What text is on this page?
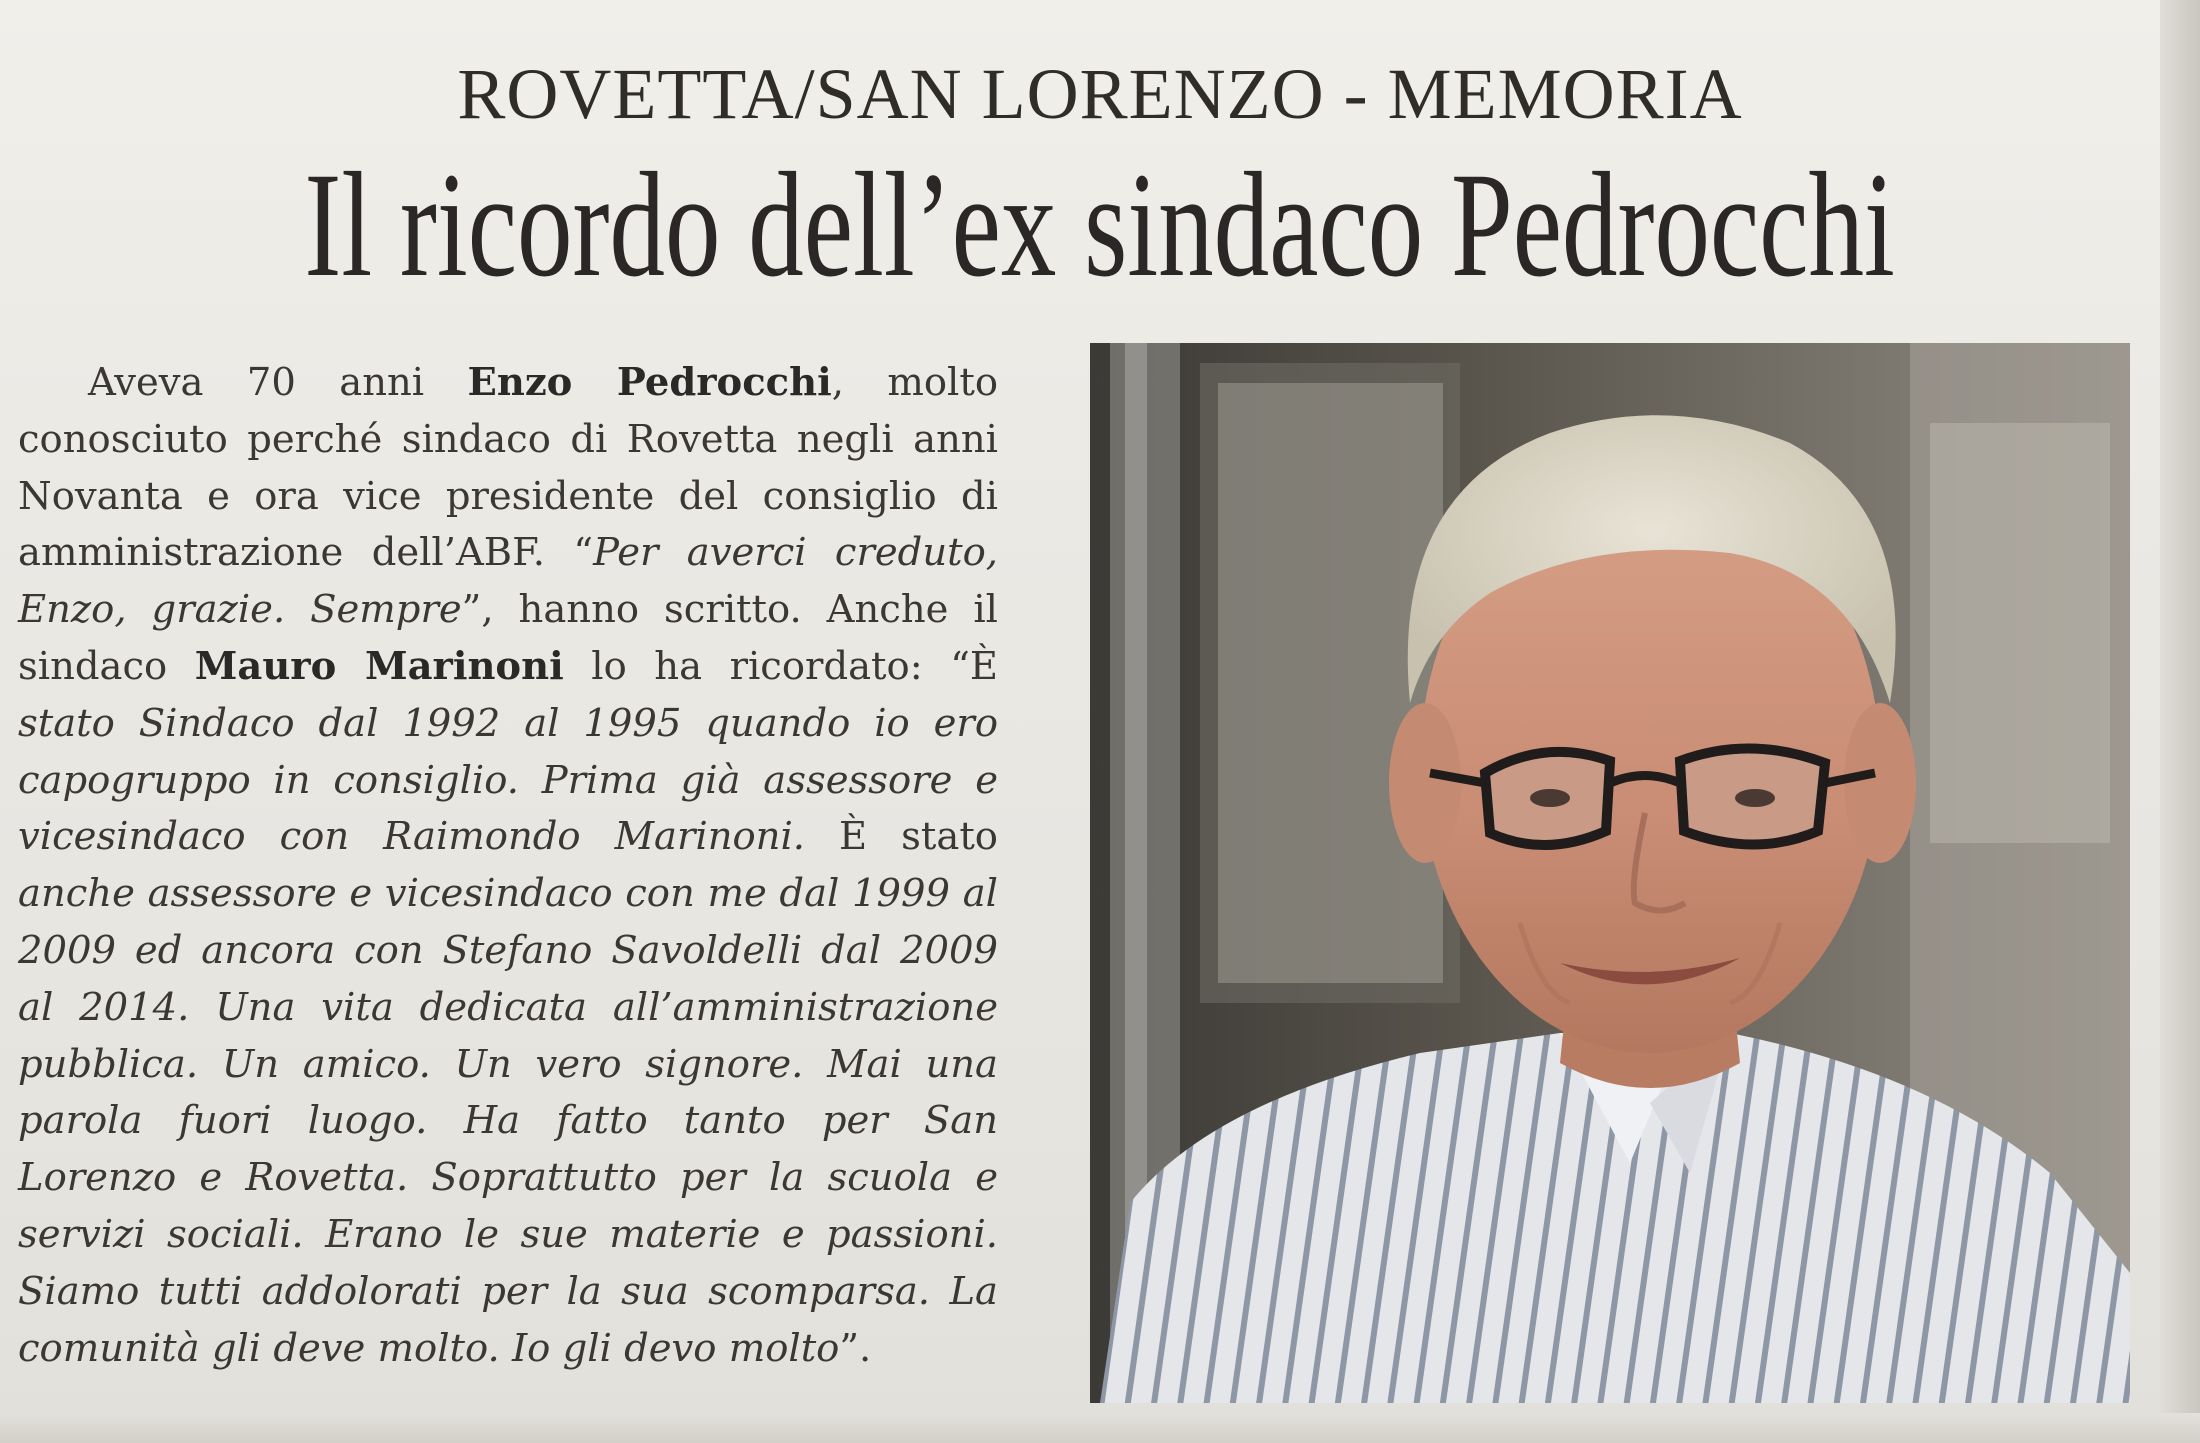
ROVETTA/SAN LORENZO - MEMORIA
Il ricordo dell’ex sindaco Pedrocchi

Aveva 70 anni Enzo Pedrocchi, molto conosciuto perché sindaco di Rovetta negli anni Novanta e ora vice presidente del consiglio di amministrazione dell’ABF. “Per averci creduto, Enzo, grazie. Sempre”, hanno scritto. Anche il sindaco Mauro Marinoni lo ha ricordato: “È stato Sindaco dal 1992 al 1995 quando io ero capogruppo in consiglio. Prima già assessore e vicesindaco con Raimondo Marinoni. È stato anche assessore e vicesindaco con me dal 1999 al 2009 ed ancora con Stefano Savoldelli dal 2009 al 2014. Una vita dedicata all’amministrazione pubblica. Un amico. Un vero signore. Mai una parola fuori luogo. Ha fatto tanto per San Lorenzo e Rovetta. Soprattutto per la scuola e servizi sociali. Erano le sue materie e passioni. Siamo tutti addolorati per la sua scomparsa. La comunità gli deve molto. Io gli devo molto”.
